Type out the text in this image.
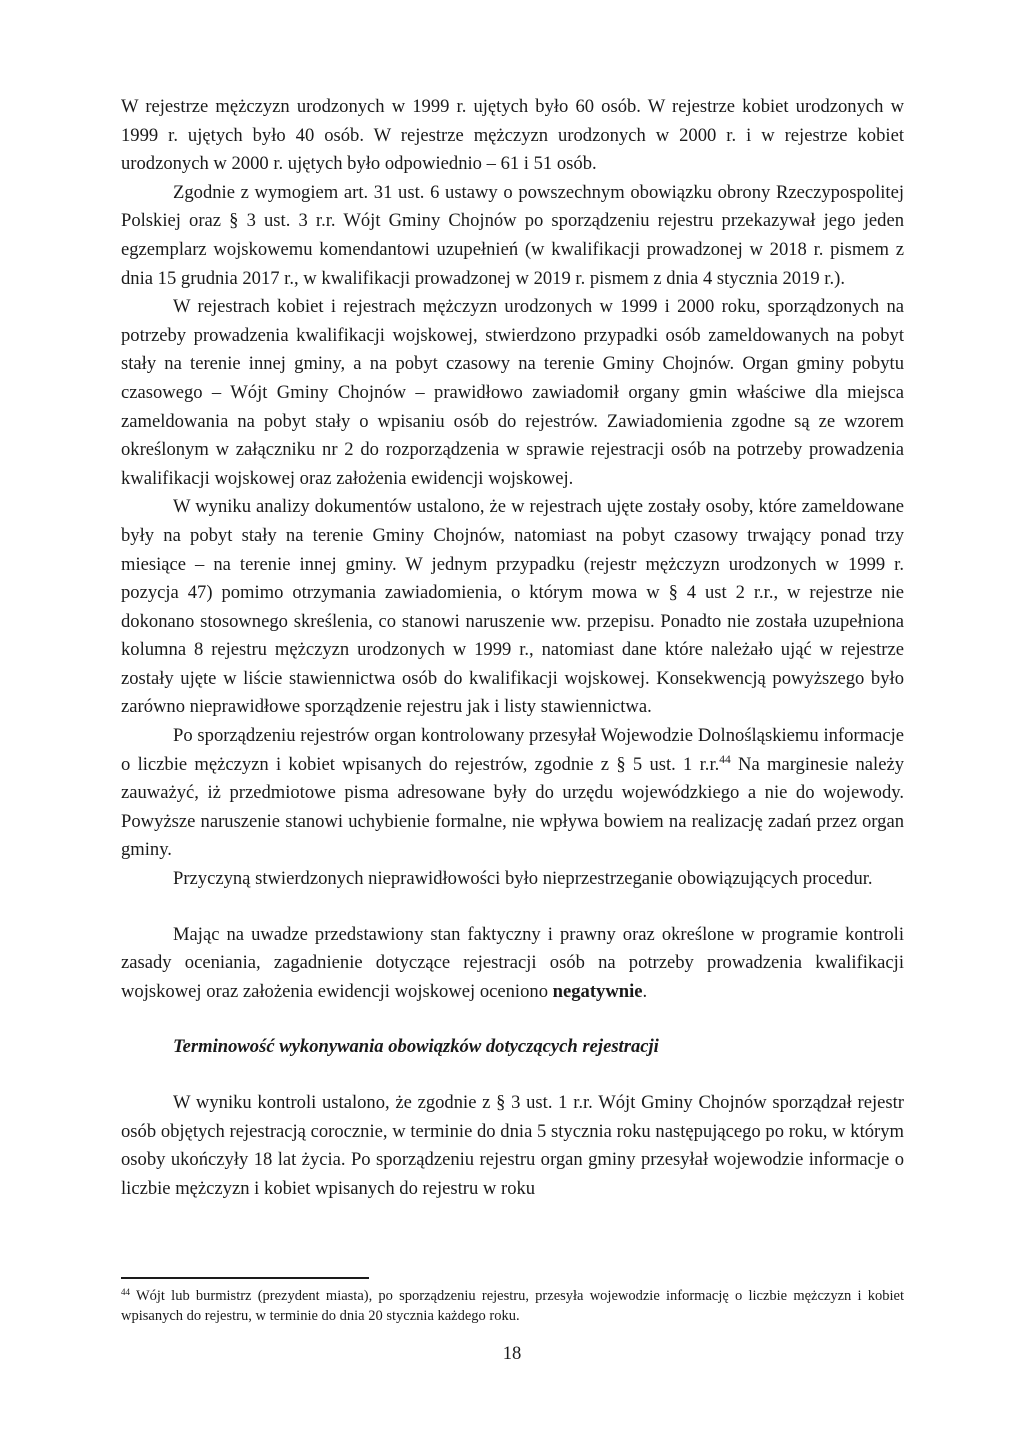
W rejestrze mężczyzn urodzonych w 1999 r. ujętych było 60 osób. W rejestrze kobiet urodzonych w 1999 r. ujętych było 40 osób. W rejestrze mężczyzn urodzonych w 2000 r. i w rejestrze kobiet urodzonych w 2000 r. ujętych było odpowiednio – 61 i 51 osób.

Zgodnie z wymogiem art. 31 ust. 6 ustawy o powszechnym obowiązku obrony Rzeczypospolitej Polskiej oraz § 3 ust. 3 r.r. Wójt Gminy Chojnów po sporządzeniu rejestru przekazywał jego jeden egzemplarz wojskowemu komendantowi uzupełnień (w kwalifikacji prowadzonej w 2018 r. pismem z dnia 15 grudnia 2017 r., w kwalifikacji prowadzonej w 2019 r. pismem z dnia 4 stycznia 2019 r.).

W rejestrach kobiet i rejestrach mężczyzn urodzonych w 1999 i 2000 roku, sporządzonych na potrzeby prowadzenia kwalifikacji wojskowej, stwierdzono przypadki osób zameldowanych na pobyt stały na terenie innej gminy, a na pobyt czasowy na terenie Gminy Chojnów. Organ gminy pobytu czasowego – Wójt Gminy Chojnów – prawidłowo zawiadomił organy gmin właściwe dla miejsca zameldowania na pobyt stały o wpisaniu osób do rejestrów. Zawiadomienia zgodne są ze wzorem określonym w załączniku nr 2 do rozporządzenia w sprawie rejestracji osób na potrzeby prowadzenia kwalifikacji wojskowej oraz założenia ewidencji wojskowej.

W wyniku analizy dokumentów ustalono, że w rejestrach ujęte zostały osoby, które zameldowane były na pobyt stały na terenie Gminy Chojnów, natomiast na pobyt czasowy trwający ponad trzy miesiące – na terenie innej gminy. W jednym przypadku (rejestr mężczyzn urodzonych w 1999 r. pozycja 47) pomimo otrzymania zawiadomienia, o którym mowa w § 4 ust 2 r.r., w rejestrze nie dokonano stosownego skreślenia, co stanowi naruszenie ww. przepisu. Ponadto nie została uzupełniona kolumna 8 rejestru mężczyzn urodzonych w 1999 r., natomiast dane które należało ująć w rejestrze zostały ujęte w liście stawiennictwa osób do kwalifikacji wojskowej. Konsekwencją powyższego było zarówno nieprawidłowe sporządzenie rejestru jak i listy stawiennictwa.

Po sporządzeniu rejestrów organ kontrolowany przesyłał Wojewodzie Dolnośląskiemu informacje o liczbie mężczyzn i kobiet wpisanych do rejestrów, zgodnie z § 5 ust. 1 r.r.$^{44}$ Na marginesie należy zauważyć, iż przedmiotowe pisma adresowane były do urzędu wojewódzkiego a nie do wojewody. Powyższe naruszenie stanowi uchybienie formalne, nie wpływa bowiem na realizację zadań przez organ gminy.

Przyczyną stwierdzonych nieprawidłowości było nieprzestrzeganie obowiązujących procedur.

Mając na uwadze przedstawiony stan faktyczny i prawny oraz określone w programie kontroli zasady oceniania, zagadnienie dotyczące rejestracji osób na potrzeby prowadzenia kwalifikacji wojskowej oraz założenia ewidencji wojskowej oceniono negatywnie.

Terminowość wykonywania obowiązków dotyczących rejestracji

W wyniku kontroli ustalono, że zgodnie z § 3 ust. 1 r.r. Wójt Gminy Chojnów sporządzał rejestr osób objętych rejestracją corocznie, w terminie do dnia 5 stycznia roku następującego po roku, w którym osoby ukończyły 18 lat życia. Po sporządzeniu rejestru organ gminy przesyłał wojewodzie informacje o liczbie mężczyzn i kobiet wpisanych do rejestru w roku

$^{44}$ Wójt lub burmistrz (prezydent miasta), po sporządzeniu rejestru, przesyła wojewodzie informację o liczbie mężczyzn i kobiet wpisanych do rejestru, w terminie do dnia 20 stycznia każdego roku.

18
